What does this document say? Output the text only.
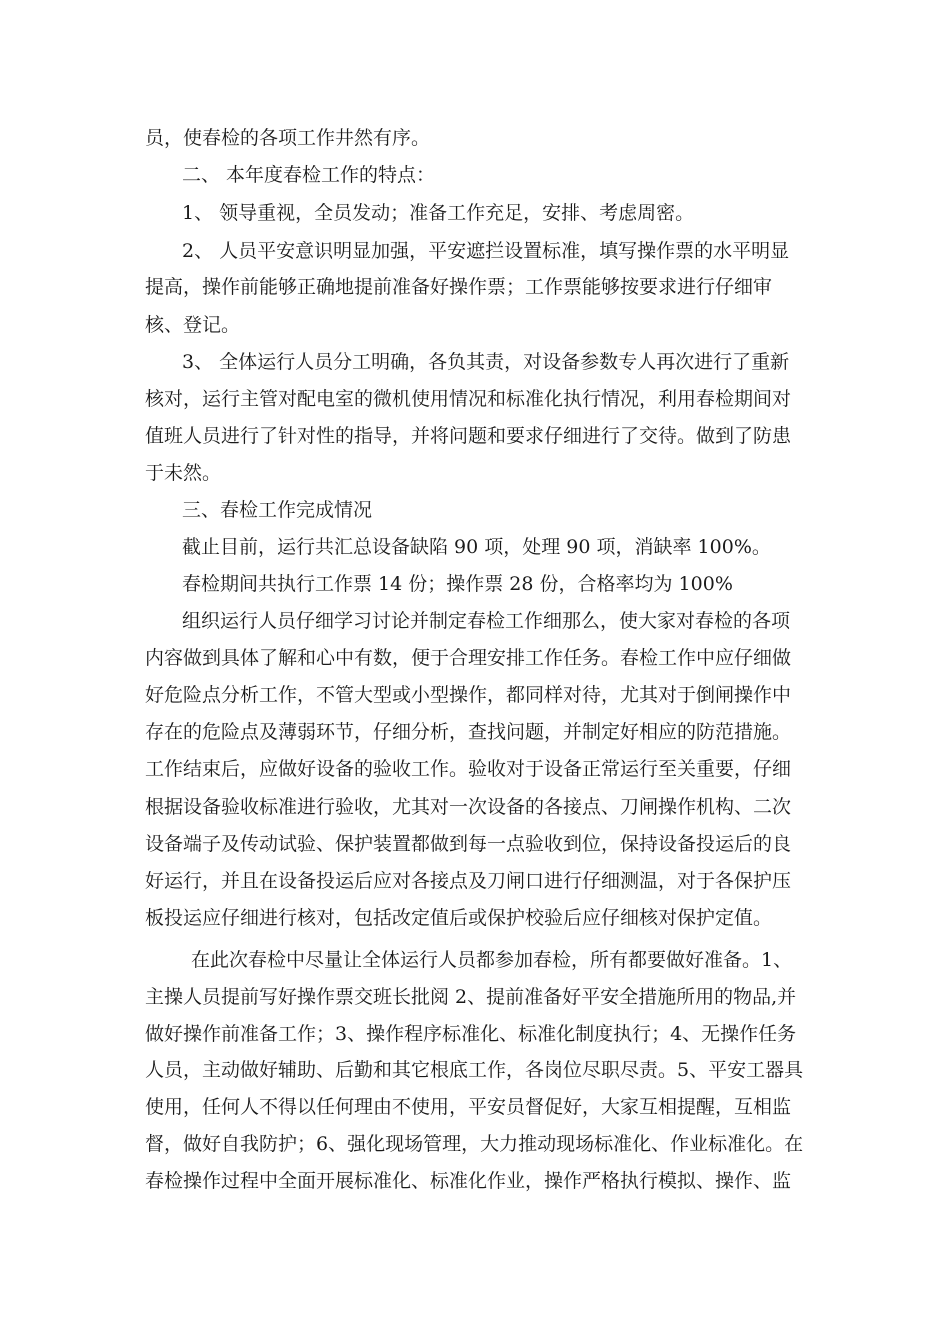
员，使春检的各项工作井然有序。

二、 本年度春检工作的特点：

1、 领导重视，全员发动；准备工作充足，安排、考虑周密。

2、 人员平安意识明显加强，平安遮拦设置标准，填写操作票的水平明显

提高，操作前能够正确地提前准备好操作票；工作票能够按要求进行仔细审

核、登记。

3、 全体运行人员分工明确，各负其责，对设备参数专人再次进行了重新

核对，运行主管对配电室的微机使用情况和标准化执行情况，利用春检期间对

值班人员进行了针对性的指导，并将问题和要求仔细进行了交待。做到了防患

于未然。

三、春检工作完成情况

截止目前，运行共汇总设备缺陷 90 项，处理 90 项，消缺率 100%。

春检期间共执行工作票 14 份；操作票 28 份，合格率均为 100%

组织运行人员仔细学习讨论并制定春检工作细那么，使大家对春检的各项

内容做到具体了解和心中有数，便于合理安排工作任务。春检工作中应仔细做

好危险点分析工作，不管大型或小型操作，都同样对待，尤其对于倒闸操作中

存在的危险点及薄弱环节，仔细分析，查找问题，并制定好相应的防范措施。

工作结束后，应做好设备的验收工作。验收对于设备正常运行至关重要，仔细

根据设备验收标准进行验收，尤其对一次设备的各接点、刀闸操作机构、二次

设备端子及传动试验、保护装置都做到每一点验收到位，保持设备投运后的良

好运行，并且在设备投运后应对各接点及刀闸口进行仔细测温，对于各保护压

板投运应仔细进行核对，包括改定值后或保护校验后应仔细核对保护定值。

在此次春检中尽量让全体运行人员都参加春检，所有都要做好准备。1、

主操人员提前写好操作票交班长批阅 2、提前准备好平安全措施所用的物品,并

做好操作前准备工作；3、操作程序标准化、标准化制度执行；4、无操作任务

人员，主动做好辅助、后勤和其它根底工作，各岗位尽职尽责。5、平安工器具

使用，任何人不得以任何理由不使用，平安员督促好，大家互相提醒，互相监

督，做好自我防护；6、强化现场管理，大力推动现场标准化、作业标准化。在

春检操作过程中全面开展标准化、标准化作业，操作严格执行模拟、操作、监
